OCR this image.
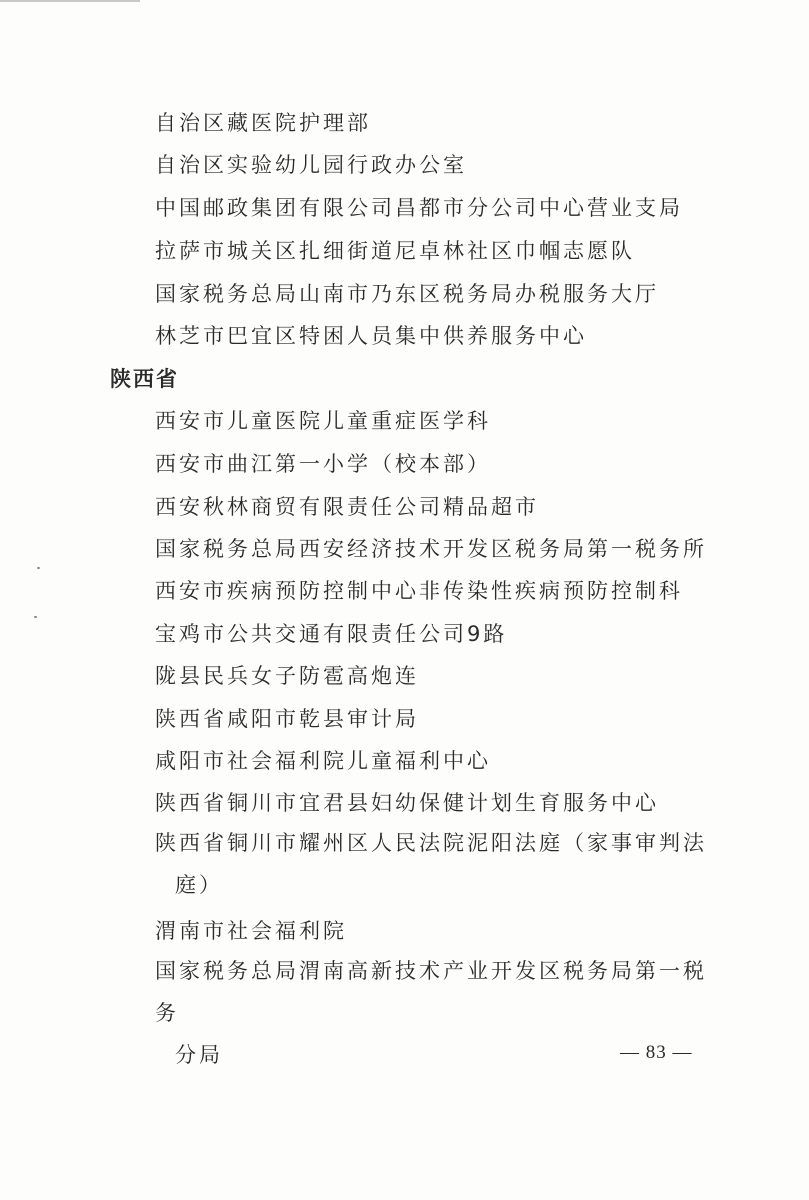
自治区藏医院护理部
自治区实验幼儿园行政办公室
中国邮政集团有限公司昌都市分公司中心营业支局
拉萨市城关区扎细街道尼卓林社区巾帼志愿队
国家税务总局山南市乃东区税务局办税服务大厅
林芝市巴宜区特困人员集中供养服务中心
陕西省
西安市儿童医院儿童重症医学科
西安市曲江第一小学（校本部）
西安秋林商贸有限责任公司精品超市
国家税务总局西安经济技术开发区税务局第一税务所
西安市疾病预防控制中心非传染性疾病预防控制科
宝鸡市公共交通有限责任公司9路
陇县民兵女子防雹高炮连
陕西省咸阳市乾县审计局
咸阳市社会福利院儿童福利中心
陕西省铜川市宜君县妇幼保健计划生育服务中心
陕西省铜川市耀州区人民法院泥阳法庭（家事审判法
庭）
渭南市社会福利院
国家税务总局渭南高新技术产业开发区税务局第一税务
分局	— 83 —
